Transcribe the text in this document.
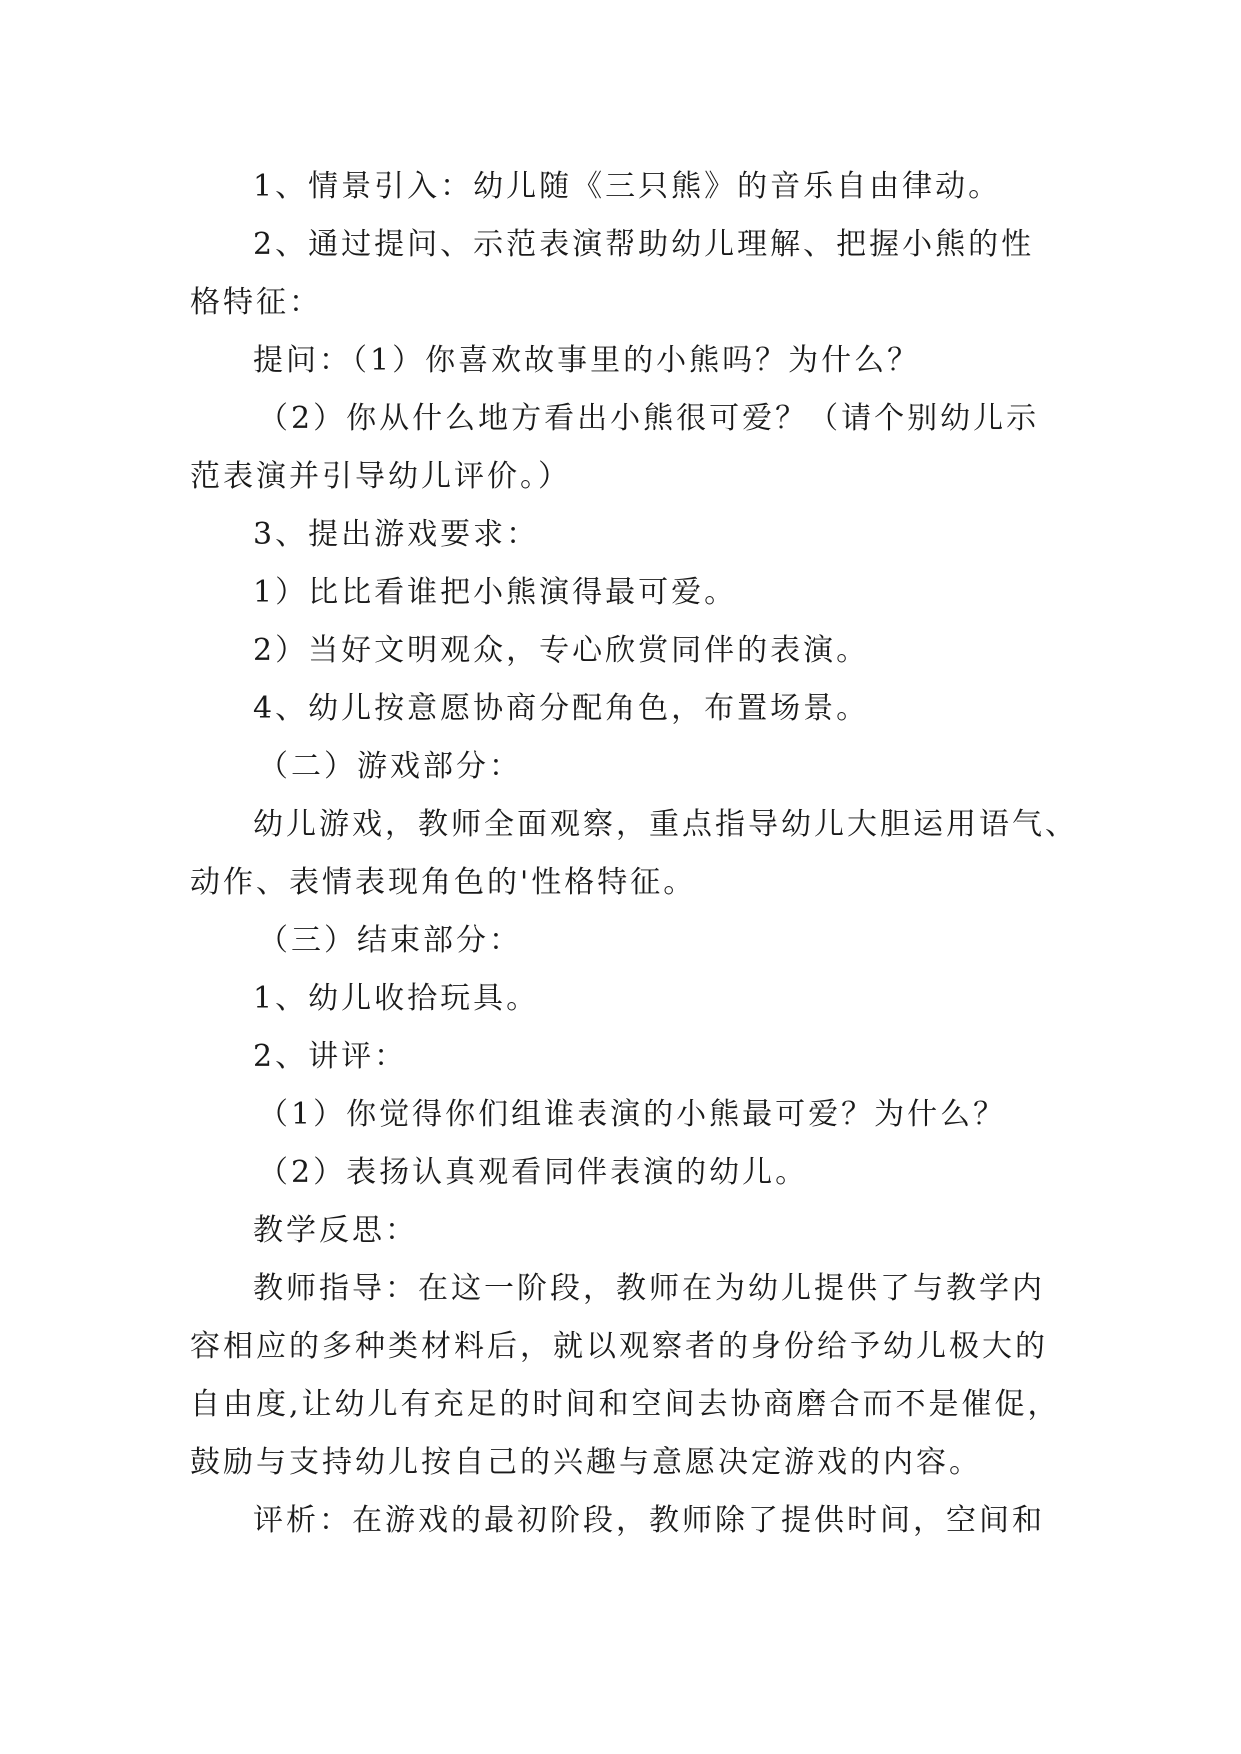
1、情景引入：幼儿随《三只熊》的音乐自由律动。
2、通过提问、示范表演帮助幼儿理解、把握小熊的性
格特征：
提问：（1）你喜欢故事里的小熊吗？为什么？
（2）你从什么地方看出小熊很可爱？（请个别幼儿示
范表演并引导幼儿评价。）
3、提出游戏要求：
1）比比看谁把小熊演得最可爱。
2）当好文明观众，专心欣赏同伴的表演。
4、幼儿按意愿协商分配角色，布置场景。
（二）游戏部分：
幼儿游戏，教师全面观察，重点指导幼儿大胆运用语气、
动作、表情表现角色的'性格特征。
（三）结束部分：
1、幼儿收拾玩具。
2、讲评：
（1）你觉得你们组谁表演的小熊最可爱？为什么？
（2）表扬认真观看同伴表演的幼儿。
教学反思：
教师指导：在这一阶段，教师在为幼儿提供了与教学内
容相应的多种类材料后，就以观察者的身份给予幼儿极大的
自由度,让幼儿有充足的时间和空间去协商磨合而不是催促，
鼓励与支持幼儿按自己的兴趣与意愿决定游戏的内容。
评析：在游戏的最初阶段，教师除了提供时间，空间和
